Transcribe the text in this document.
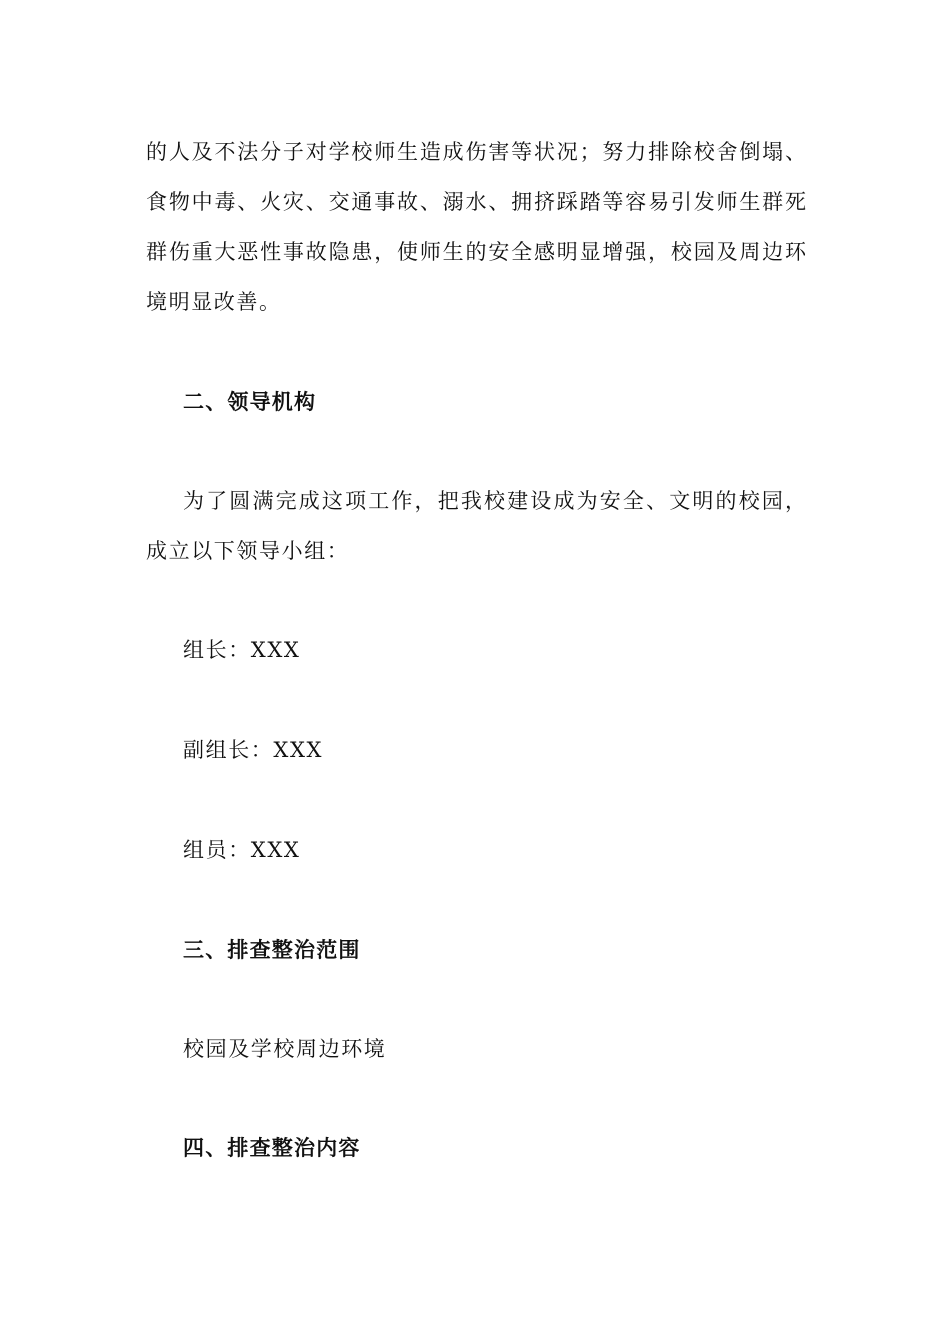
的人及不法分子对学校师生造成伤害等状况；努力排除校舍倒塌、
食物中毒、火灾、交通事故、溺水、拥挤踩踏等容易引发师生群死
群伤重大恶性事故隐患，使师生的安全感明显增强，校园及周边环
境明显改善。
二、领导机构
为了圆满完成这项工作，把我校建设成为安全、文明的校园，
成立以下领导小组：
组长：XXX
副组长：XXX
组员：XXX
三、排查整治范围
校园及学校周边环境
四、排查整治内容
